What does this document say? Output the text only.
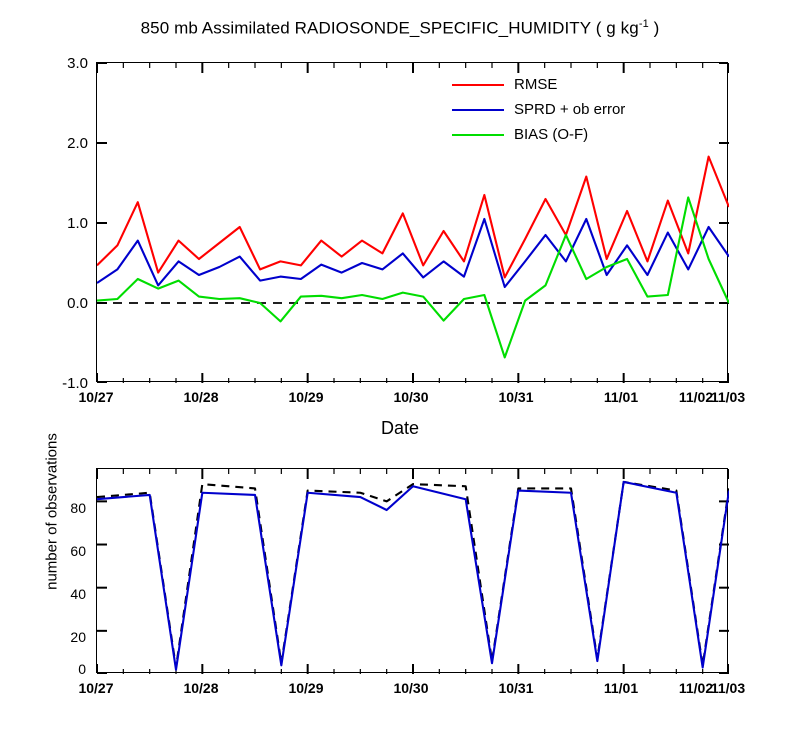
850 mb Assimilated RADIOSONDE_SPECIFIC_HUMIDITY ( g $kg^{-1}$ )
3.0
2.0
1.0
0.0
-1.0
10/27	10/28	10/29	10/30	10/31	11/01	11/02
11/03
Date
RMSE
SPRD + ob error
BIAS (O-F)
80
60
40
20
0
number of observations
10/27	10/28	10/29	10/30	10/31	11/01	11/02
11/03
